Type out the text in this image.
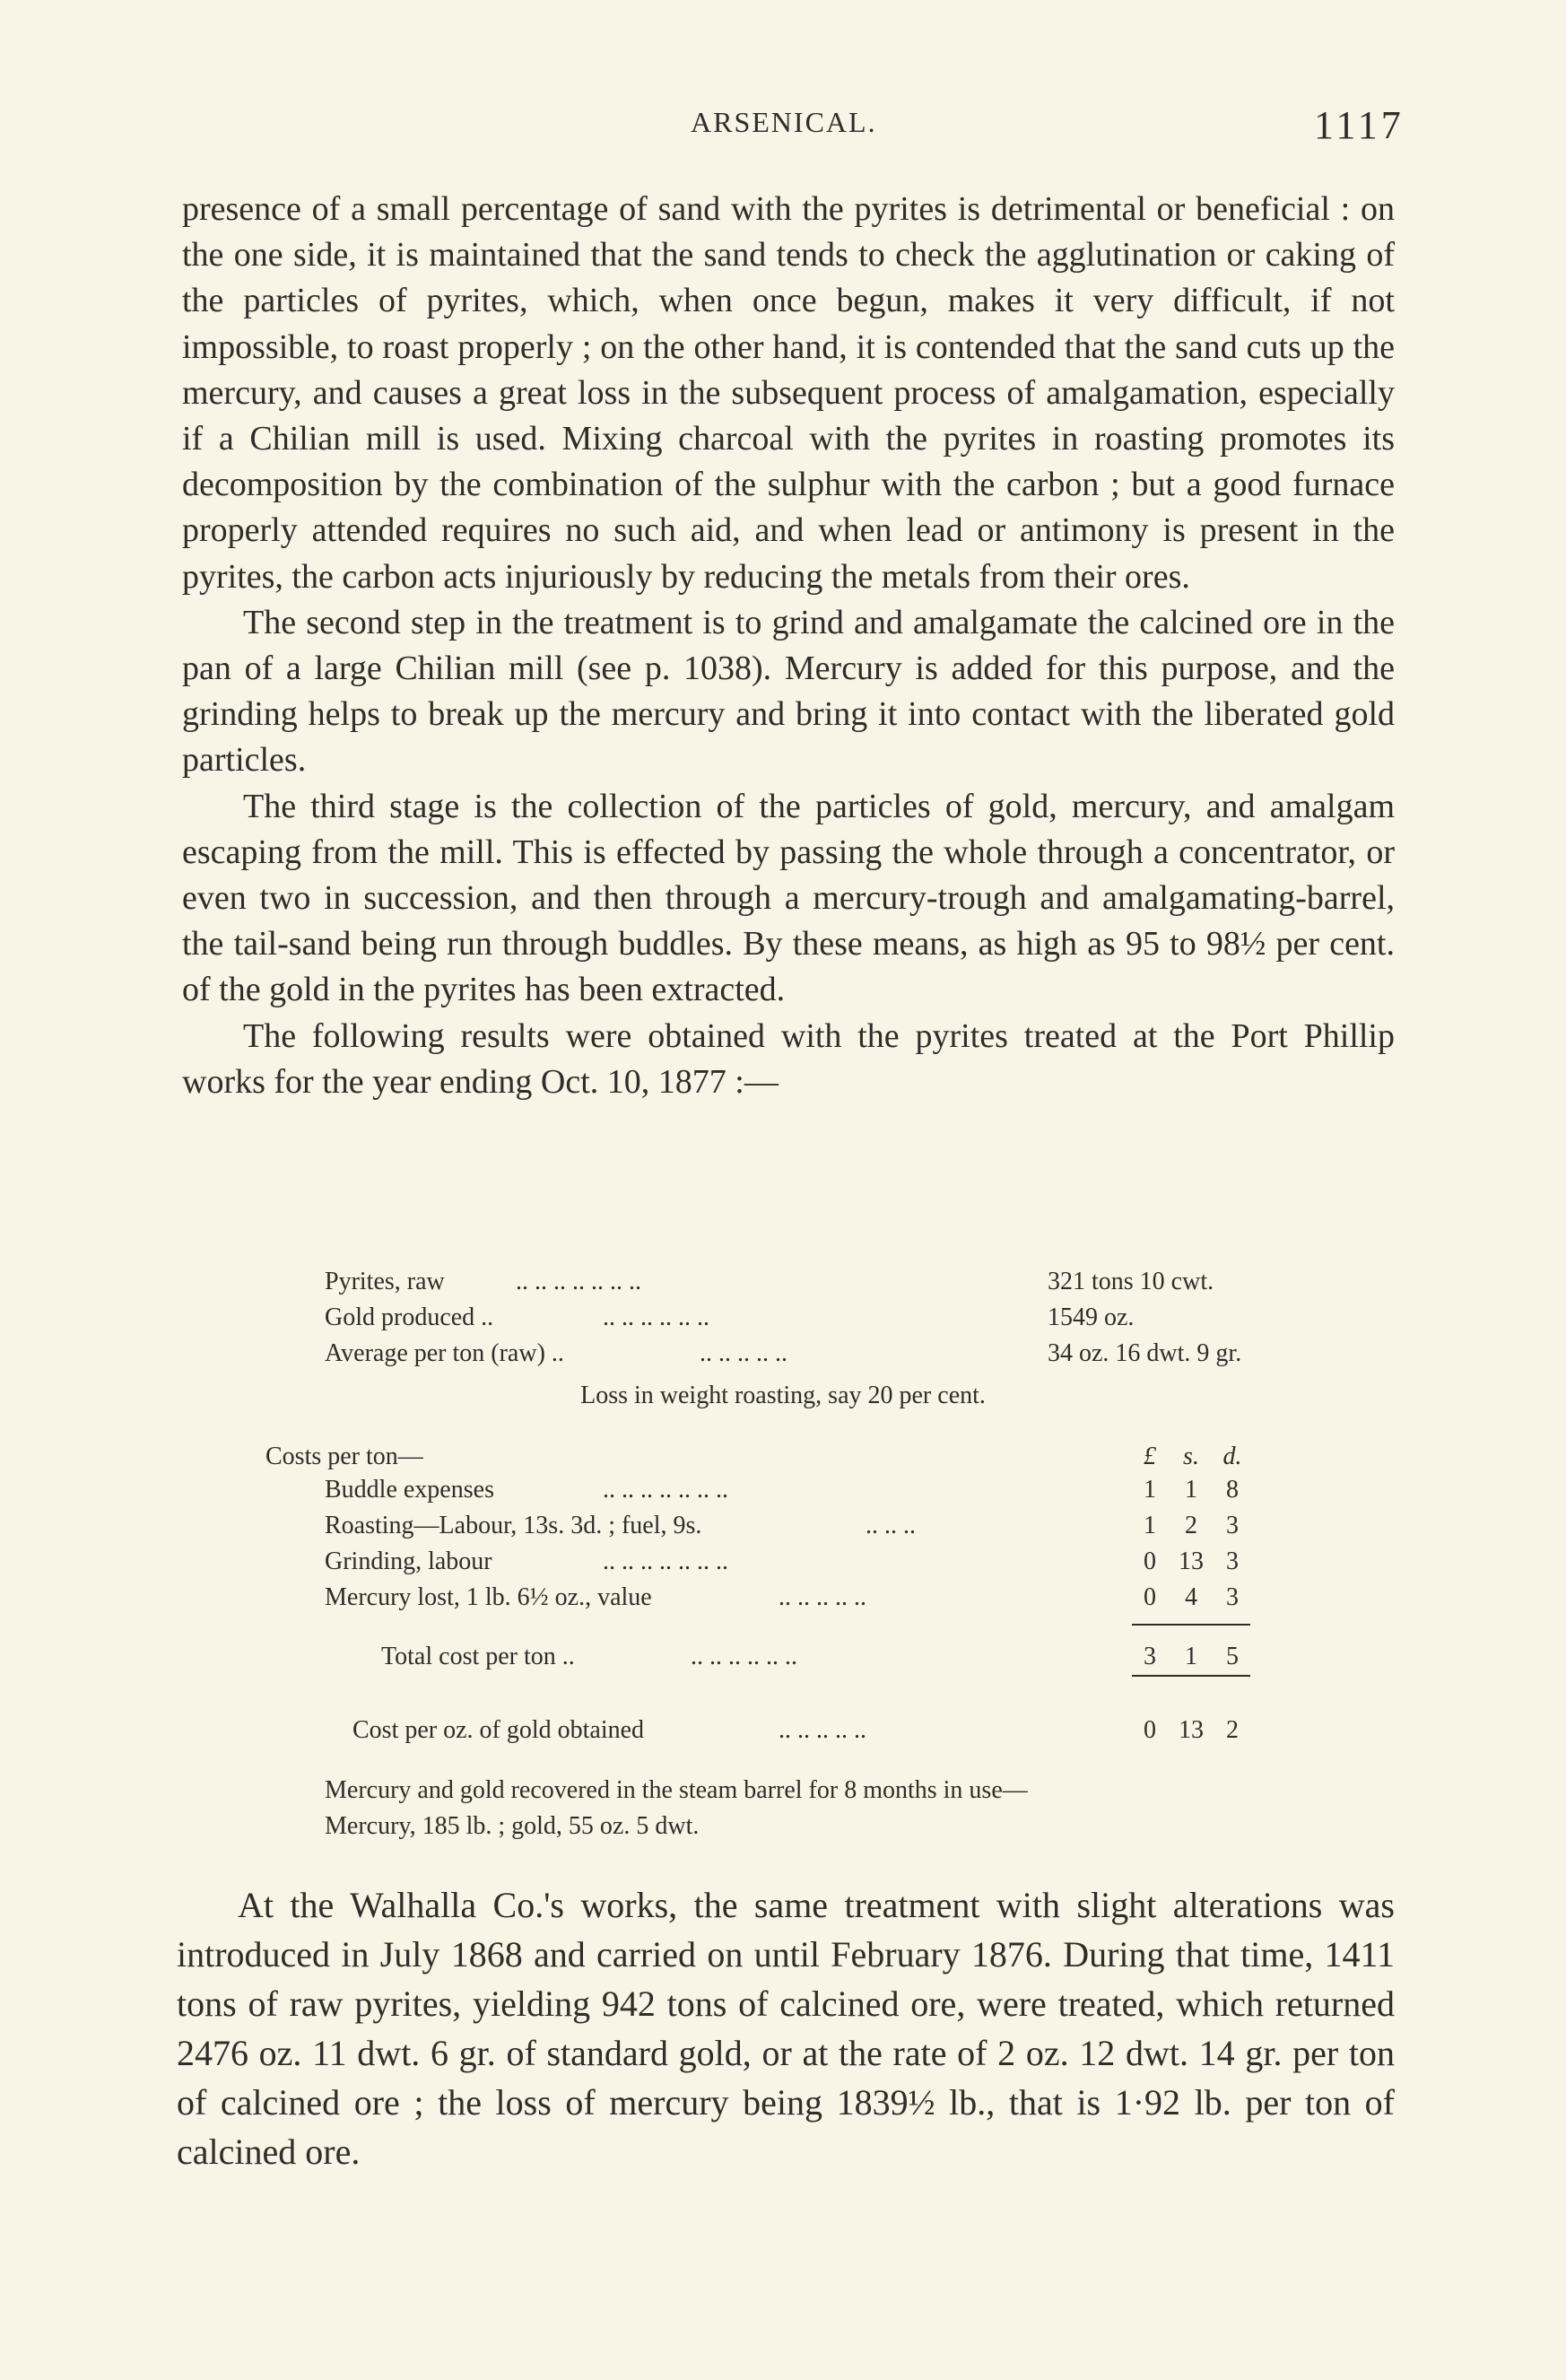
ARSENICAL.	1117

presence of a small percentage of sand with the pyrites is detrimental or beneficial : on the one side, it is maintained that the sand tends to check the agglutination or caking of the particles of pyrites, which, when once begun, makes it very difficult, if not impossible, to roast properly ; on the other hand, it is contended that the sand cuts up the mercury, and causes a great loss in the subsequent process of amalgamation, especially if a Chilian mill is used. Mixing charcoal with the pyrites in roasting promotes its decomposition by the combination of the sulphur with the carbon ; but a good furnace properly attended requires no such aid, and when lead or antimony is present in the pyrites, the carbon acts injuriously by reducing the metals from their ores.

The second step in the treatment is to grind and amalgamate the calcined ore in the pan of a large Chilian mill (see p. 1038). Mercury is added for this purpose, and the grinding helps to break up the mercury and bring it into contact with the liberated gold particles.

The third stage is the collection of the particles of gold, mercury, and amalgam escaping from the mill. This is effected by passing the whole through a concentrator, or even two in succession, and then through a mercury-trough and amalgamating-barrel, the tail-sand being run through buddles. By these means, as high as 95 to 98½ per cent. of the gold in the pyrites has been extracted.

The following results were obtained with the pyrites treated at the Port Phillip works for the year ending Oct. 10, 1877 :—

Pyrites, raw	.. .. .. .. .. .. ..	321 tons 10 cwt.
Gold produced ..	.. .. .. .. .. ..	1549 oz.
Average per ton (raw) ..	.. .. .. .. ..	34 oz. 16 dwt. 9 gr.
Loss in weight roasting, say 20 per cent.
Costs per ton—	£	s. d.
Buddle expenses	.. .. .. .. .. .. ..	1	1	8
Roasting—Labour, 13s. 3d. ; fuel, 9s.	.. .. ..	1	2	3
Grinding, labour	.. .. .. .. .. .. ..	0 13 3
Mercury lost, 1 lb. 6½ oz., value	.. .. .. .. ..	0	4	3
Total cost per ton ..	.. .. .. .. .. ..	3	1	5
Cost per oz. of gold obtained	.. .. .. .. ..	0 13 2
Mercury and gold recovered in the steam barrel for 8 months in use—
Mercury, 185 lb. ; gold, 55 oz. 5 dwt.

At the Walhalla Co.'s works, the same treatment with slight alterations was introduced in July 1868 and carried on until February 1876. During that time, 1411 tons of raw pyrites, yielding 942 tons of calcined ore, were treated, which returned 2476 oz. 11 dwt. 6 gr. of standard gold, or at the rate of 2 oz. 12 dwt. 14 gr. per ton of calcined ore ; the loss of mercury being 1839½ lb., that is 1·92 lb. per ton of calcined ore.
